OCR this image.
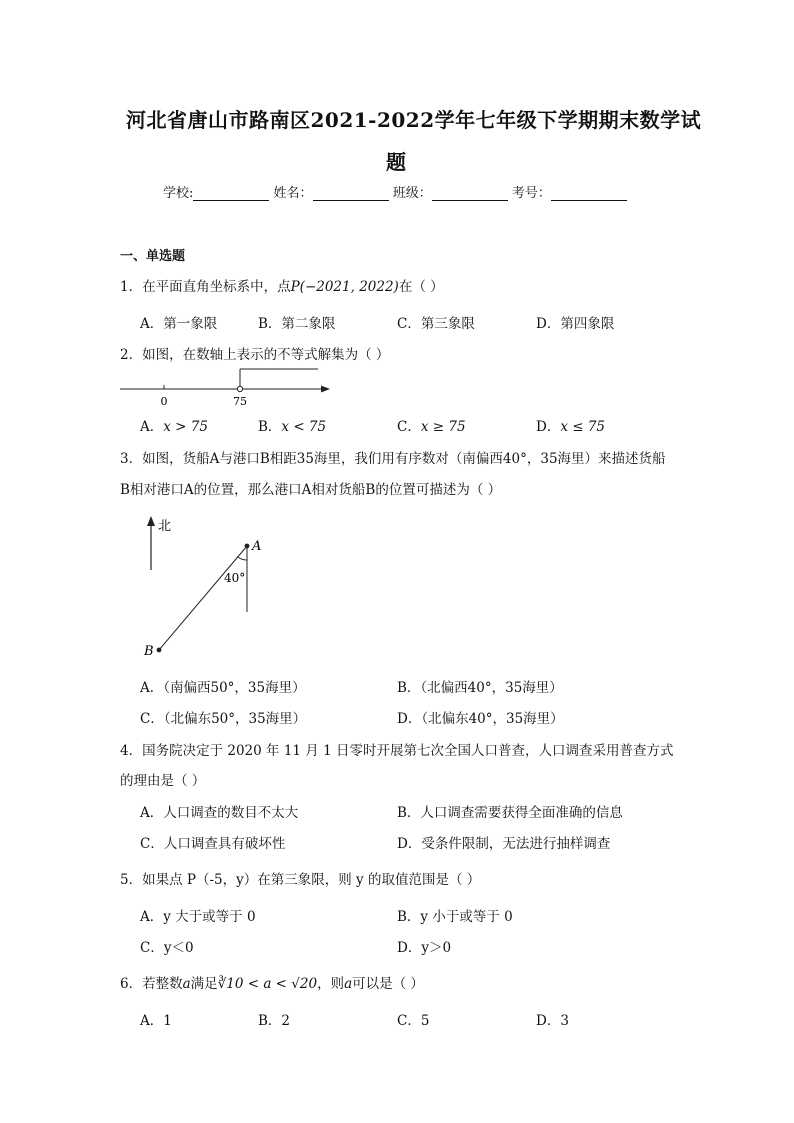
河北省唐山市路南区2021-2022学年七年级下学期期末数学试
题
学校:	姓名：	班级：	考号：
一、单选题
1．在平面直角坐标系中，点P(−2021, 2022)在（ ）
A．第一象限	B．第二象限	C．第三象限	D．第四象限
2．如图，在数轴上表示的不等式解集为（ ）
0	75
A．x > 75	B．x < 75	C．x ≥ 75	D．x ≤ 75
3．如图，货船A与港口B相距35海里，我们用有序数对（南偏西40°，35海里）来描述货船
B相对港口A的位置，那么港口A相对货船B的位置可描述为（ ）
北
A
B
40°
A．（南偏西50°，35海里）	B．（北偏西40°，35海里）
C．（北偏东50°，35海里）	D．（北偏东40°，35海里）
4．国务院决定于 2020 年 11 月 1 日零时开展第七次全国人口普查，人口调查采用普查方式
的理由是（ ）
A．人口调查的数目不太大	B．人口调查需要获得全面准确的信息
C．人口调查具有破坏性	D．受条件限制，无法进行抽样调查
5．如果点 P（-5，y）在第三象限，则 y 的取值范围是（ ）
A．y 大于或等于 0	B．y 小于或等于 0
C．y＜0	D．y＞0
6．若整数a满足∛10 < a < √20，则a可以是（ ）
A．1	B．2	C．5	D．3
